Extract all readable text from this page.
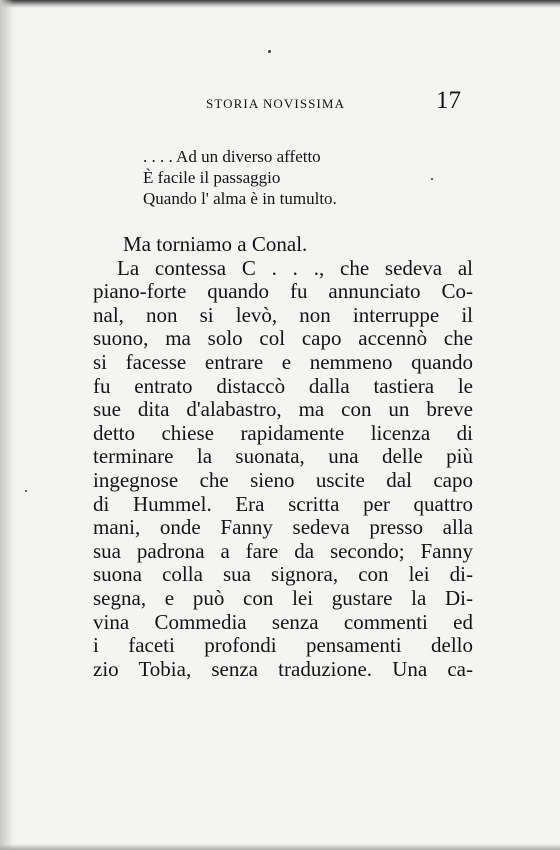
STORIA NOVISSIMA	17
. . . . Ad un diverso affetto
È facile il passaggio
Quando l' alma è in tumulto.
Ma torniamo a Conal.
La contessa C . . ., che sedeva al
piano-forte quando fu annunciato Co-
nal, non si levò, non interruppe il
suono, ma solo col capo accennò che
si facesse entrare e nemmeno quando
fu entrato distaccò dalla tastiera le
sue dita d'alabastro, ma con un breve
detto chiese rapidamente licenza di
terminare la suonata, una delle più
ingegnose che sieno uscite dal capo
di Hummel. Era scritta per quattro
mani, onde Fanny sedeva presso alla
sua padrona a fare da secondo; Fanny
suona colla sua signora, con lei di-
segna, e può con lei gustare la Di-
vina Commedia senza commenti ed
i faceti profondi pensamenti dello
zio Tobia, senza traduzione. Una ca-
